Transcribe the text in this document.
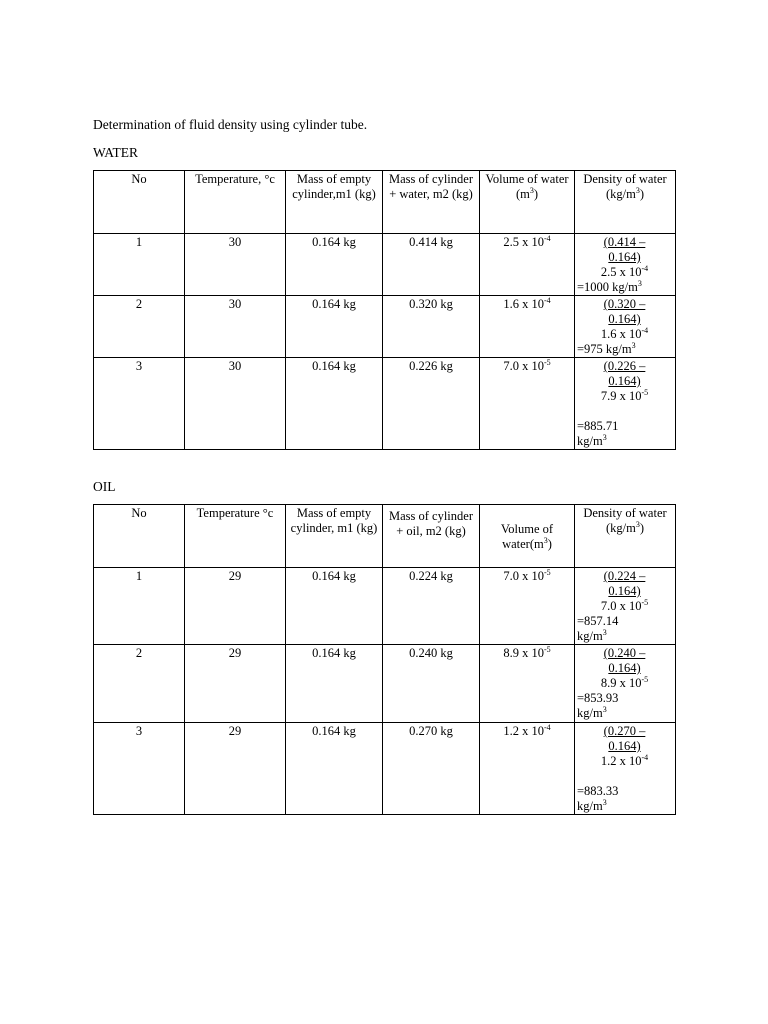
Determination of fluid density using cylinder tube.
WATER
No	Temperature, °c	Mass of empty cylinder,m1 (kg)	Mass of cylinder + water, m2 (kg)	Volume of water $(m^3)$	Density of water $(kg/m^3)$
1	30	0.164 kg	0.414 kg	2.5 x $10^{-4}$	(0.414 –
0.164)
2.5 x $10^{-4}$
=1000 $kg/m^3$

2	30	0.164 kg	0.320 kg	1.6 x $10^{-4}$	(0.320 –
0.164)
1.6 x $10^{-4}$
=975 $kg/m^3$

3	30	0.164 kg	0.226 kg	7.0 x $10^{-5}$	(0.226 –
0.164)
7.9 x $10^{-5}$
=885.71
$kg/m^3$
OIL
No	Temperature °c	Mass of empty cylinder, m1 (kg)	Mass of cylinder + oil, m2 (kg)	Volume of $water(m^3)$	Density of water $(kg/m^3)$
1	29	0.164 kg	0.224 kg	7.0 x $10^{-5}$	(0.224 –
0.164)
7.0 x $10^{-5}$
=857.14
$kg/m^3$

2	29	0.164 kg	0.240 kg	8.9 x $10^{-5}$	(0.240 –
0.164)
8.9 x $10^{-5}$
=853.93
$kg/m^3$

3	29	0.164 kg	0.270 kg	1.2 x $10^{-4}$	(0.270 –
0.164)
1.2 x $10^{-4}$
=883.33
$kg/m^3$
